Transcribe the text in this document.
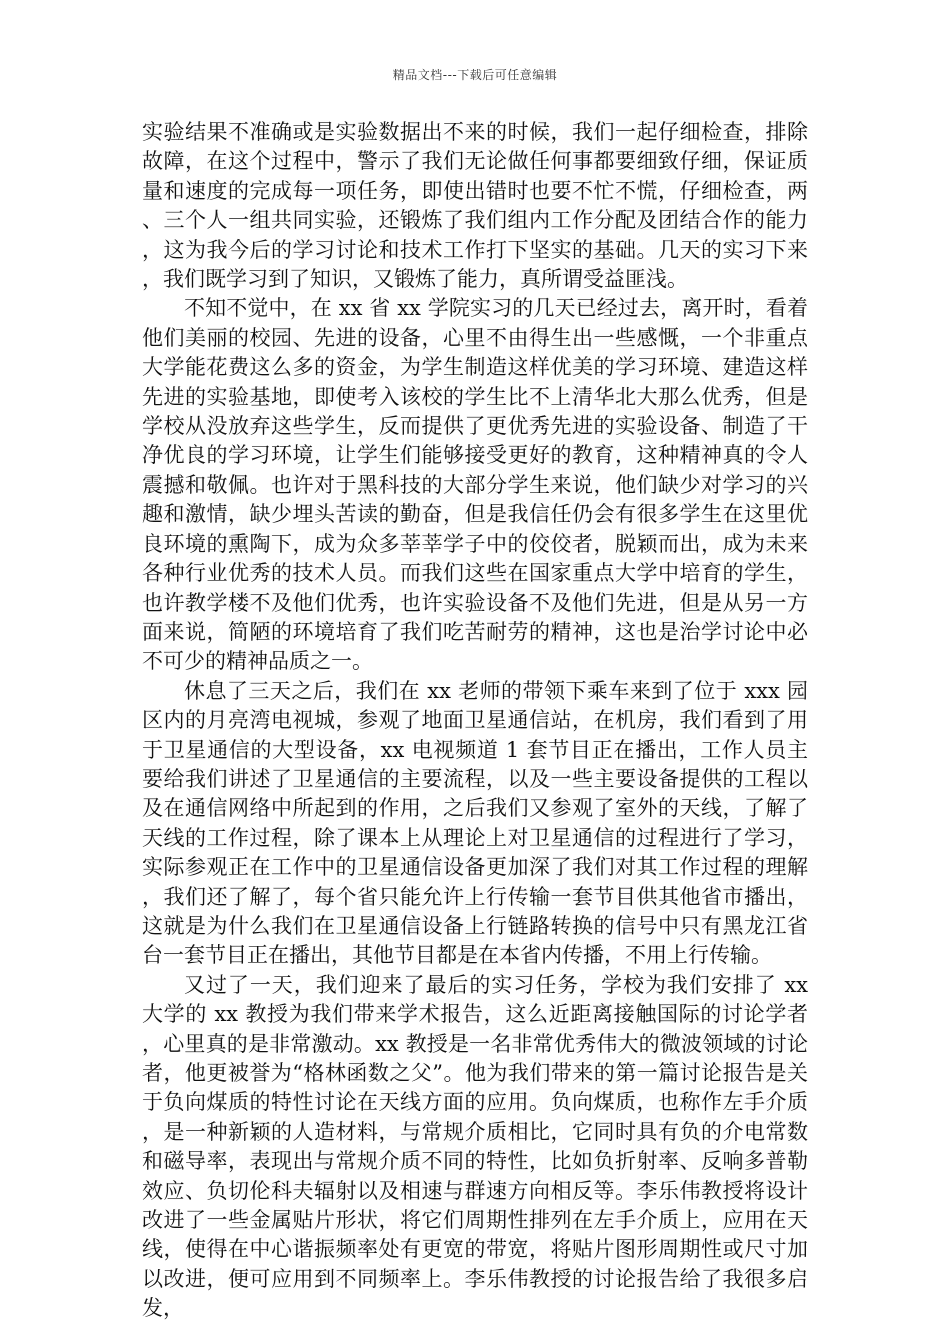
精品文档---下载后可任意编辑

实验结果不准确或是实验数据出不来的时候，我们一起仔细检查，排除故障，在这个过程中，警示了我们无论做任何事都要细致仔细，保证质量和速度的完成每一项任务，即使出错时也要不忙不慌，仔细检查，两、三个人一组共同实验，还锻炼了我们组内工作分配及团结合作的能力，这为我今后的学习讨论和技术工作打下坚实的基础。几天的实习下来，我们既学习到了知识，又锻炼了能力，真所谓受益匪浅。

不知不觉中，在 xx 省 xx 学院实习的几天已经过去，离开时，看着他们美丽的校园、先进的设备，心里不由得生出一些感慨，一个非重点大学能花费这么多的资金，为学生制造这样优美的学习环境、建造这样先进的实验基地，即使考入该校的学生比不上清华北大那么优秀，但是学校从没放弃这些学生，反而提供了更优秀先进的实验设备、制造了干净优良的学习环境，让学生们能够接受更好的教育，这种精神真的令人震撼和敬佩。也许对于黑科技的大部分学生来说，他们缺少对学习的兴趣和激情，缺少埋头苦读的勤奋，但是我信任仍会有很多学生在这里优良环境的熏陶下，成为众多莘莘学子中的佼佼者，脱颖而出，成为未来各种行业优秀的技术人员。而我们这些在国家重点大学中培育的学生，也许教学楼不及他们优秀，也许实验设备不及他们先进，但是从另一方面来说，简陋的环境培育了我们吃苦耐劳的精神，这也是治学讨论中必不可少的精神品质之一。

休息了三天之后，我们在 xx 老师的带领下乘车来到了位于 xxx 园区内的月亮湾电视城，参观了地面卫星通信站，在机房，我们看到了用于卫星通信的大型设备，xx 电视频道 1 套节目正在播出，工作人员主要给我们讲述了卫星通信的主要流程，以及一些主要设备提供的工程以及在通信网络中所起到的作用，之后我们又参观了室外的天线，了解了天线的工作过程，除了课本上从理论上对卫星通信的过程进行了学习，实际参观正在工作中的卫星通信设备更加深了我们对其工作过程的理解，我们还了解了，每个省只能允许上行传输一套节目供其他省市播出，这就是为什么我们在卫星通信设备上行链路转换的信号中只有黑龙江省台一套节目正在播出，其他节目都是在本省内传播，不用上行传输。

又过了一天，我们迎来了最后的实习任务，学校为我们安排了 xx 大学的 xx 教授为我们带来学术报告，这么近距离接触国际的讨论学者，心里真的是非常激动。xx 教授是一名非常优秀伟大的微波领域的讨论者，他更被誉为“格林函数之父”。他为我们带来的第一篇讨论报告是关于负向煤质的特性讨论在天线方面的应用。负向煤质，也称作左手介质，是一种新颖的人造材料，与常规介质相比，它同时具有负的介电常数和磁导率，表现出与常规介质不同的特性，比如负折射率、反响多普勒效应、负切伦科夫辐射以及相速与群速方向相反等。李乐伟教授将设计改进了一些金属贴片形状，将它们周期性排列在左手介质上，应用在天线，使得在中心谐振频率处有更宽的带宽，将贴片图形周期性或尺寸加以改进，便可应用到不同频率上。李乐伟教授的讨论报告给了我很多启发，
